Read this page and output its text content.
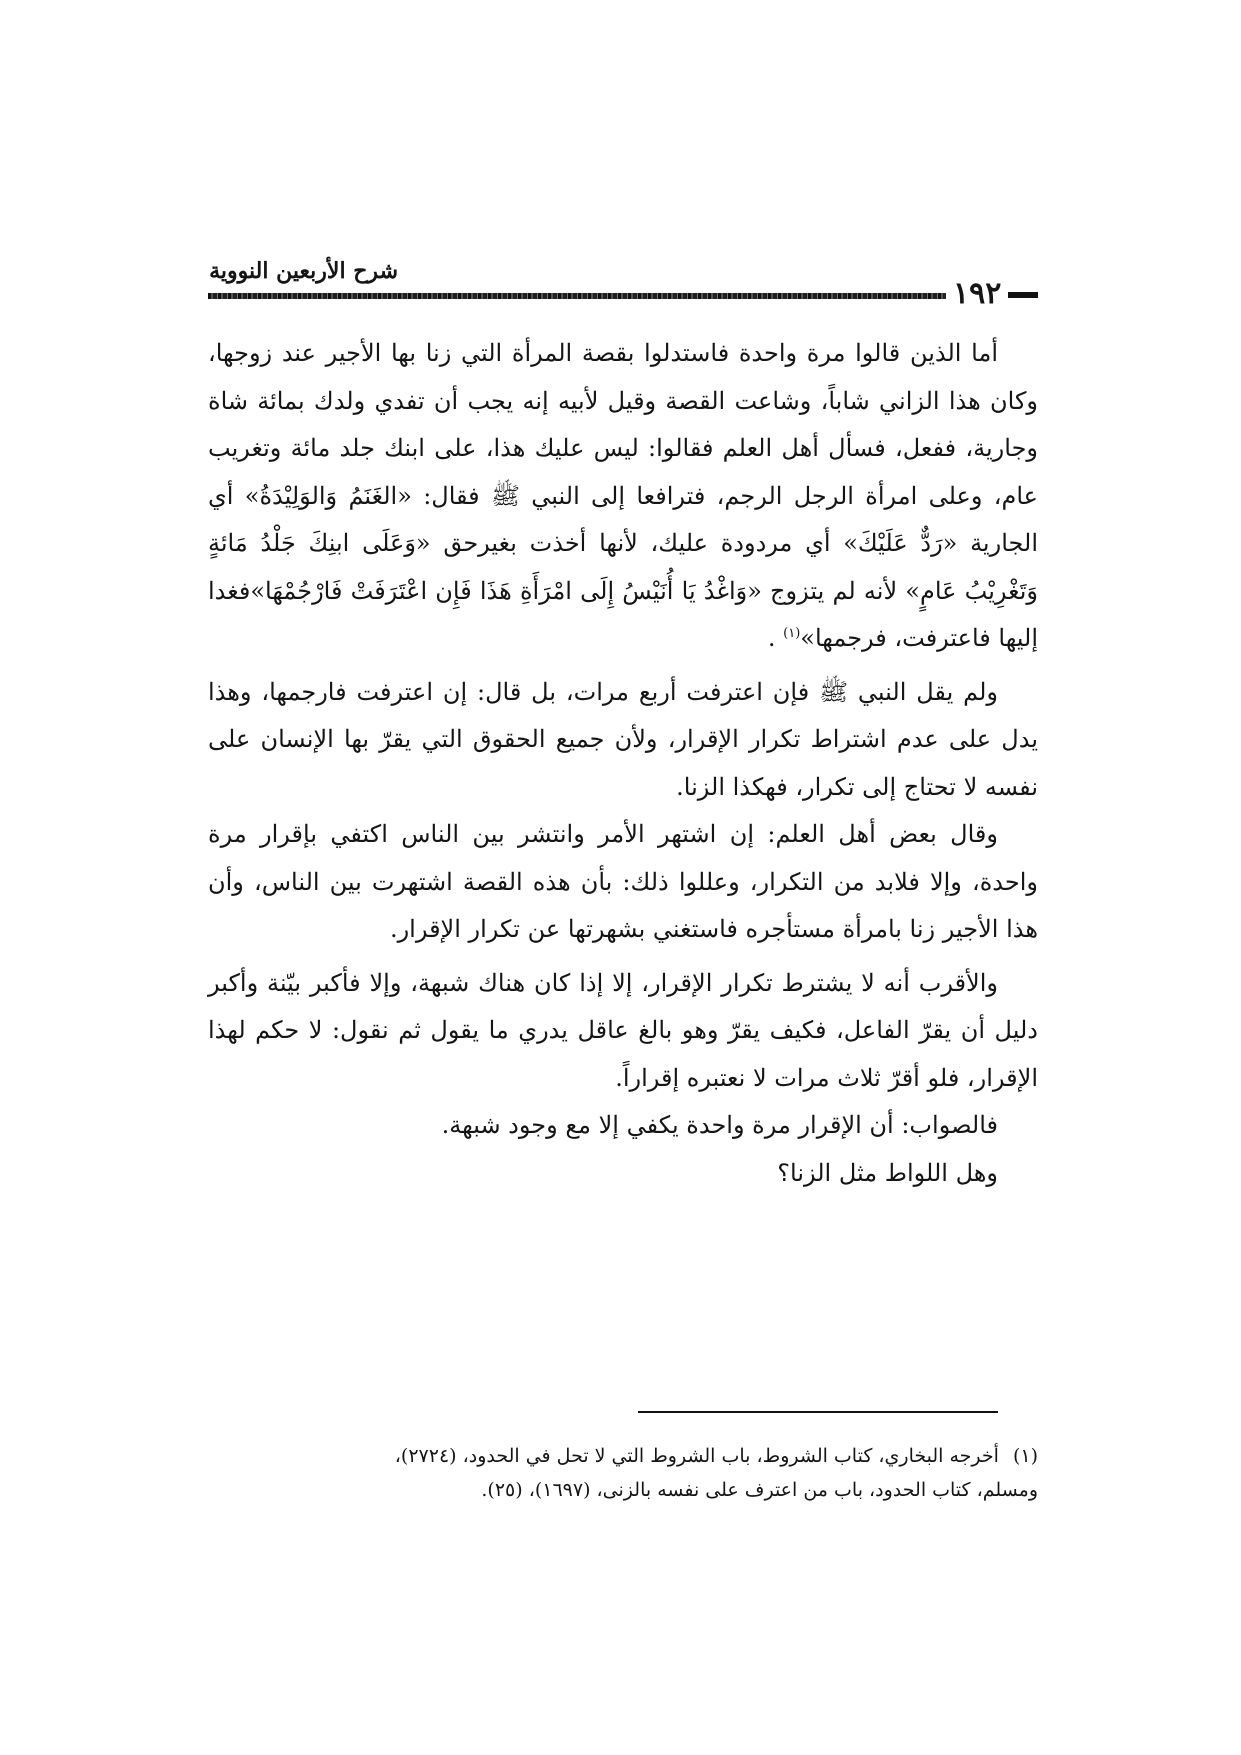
شرح الأربعين النووية
١٩٢

أما الذين قالوا مرة واحدة فاستدلوا بقصة المرأة التي زنا بها الأجير عند زوجها، وكان هذا الزاني شاباً، وشاعت القصة وقيل لأبيه إنه يجب أن تفدي ولدك بمائة شاة وجارية، ففعل، فسأل أهل العلم فقالوا: ليس عليك هذا، على ابنك جلد مائة وتغريب عام، وعلى امرأة الرجل الرجم، فترافعا إلى النبي ﷺ فقال: «الغَنَمُ وَالوَلِيْدَةُ» أي الجارية «رَدٌّ عَلَيْكَ» أي مردودة عليك، لأنها أخذت بغيرحق «وَعَلَى ابنِكَ جَلْدُ مَائةٍ وَتَغْرِيْبُ عَامٍ» لأنه لم يتزوج «وَاغْدُ يَا أُنَيْسُ إِلَى امْرَأَةِ هَذَا فَإِن اعْتَرَفَتْ فَارْجُمْهَا»فغدا إليها فاعترفت، فرجمها»$^{(١)}$ .

ولم يقل النبي ﷺ فإن اعترفت أربع مرات، بل قال: إن اعترفت فارجمها، وهذا يدل على عدم اشتراط تكرار الإقرار، ولأن جميع الحقوق التي يقرّ بها الإنسان على نفسه لا تحتاج إلى تكرار، فهكذا الزنا.

وقال بعض أهل العلم: إن اشتهر الأمر وانتشر بين الناس اكتفي بإقرار مرة واحدة، وإلا فلابد من التكرار، وعللوا ذلك: بأن هذه القصة اشتهرت بين الناس، وأن هذا الأجير زنا بامرأة مستأجره فاستغني بشهرتها عن تكرار الإقرار.

والأقرب أنه لا يشترط تكرار الإقرار، إلا إذا كان هناك شبهة، وإلا فأكبر بيّنة وأكبر دليل أن يقرّ الفاعل، فكيف يقرّ وهو بالغ عاقل يدري ما يقول ثم نقول: لا حكم لهذا الإقرار، فلو أقرّ ثلاث مرات لا نعتبره إقراراً.

فالصواب: أن الإقرار مرة واحدة يكفي إلا مع وجود شبهة.

وهل اللواط مثل الزنا؟

(١)أخرجه البخاري، كتاب الشروط، باب الشروط التي لا تحل في الحدود، (٢٧٢٤)،
ومسلم، كتاب الحدود، باب من اعترف على نفسه بالزنى، (١٦٩٧)، (٢٥).
